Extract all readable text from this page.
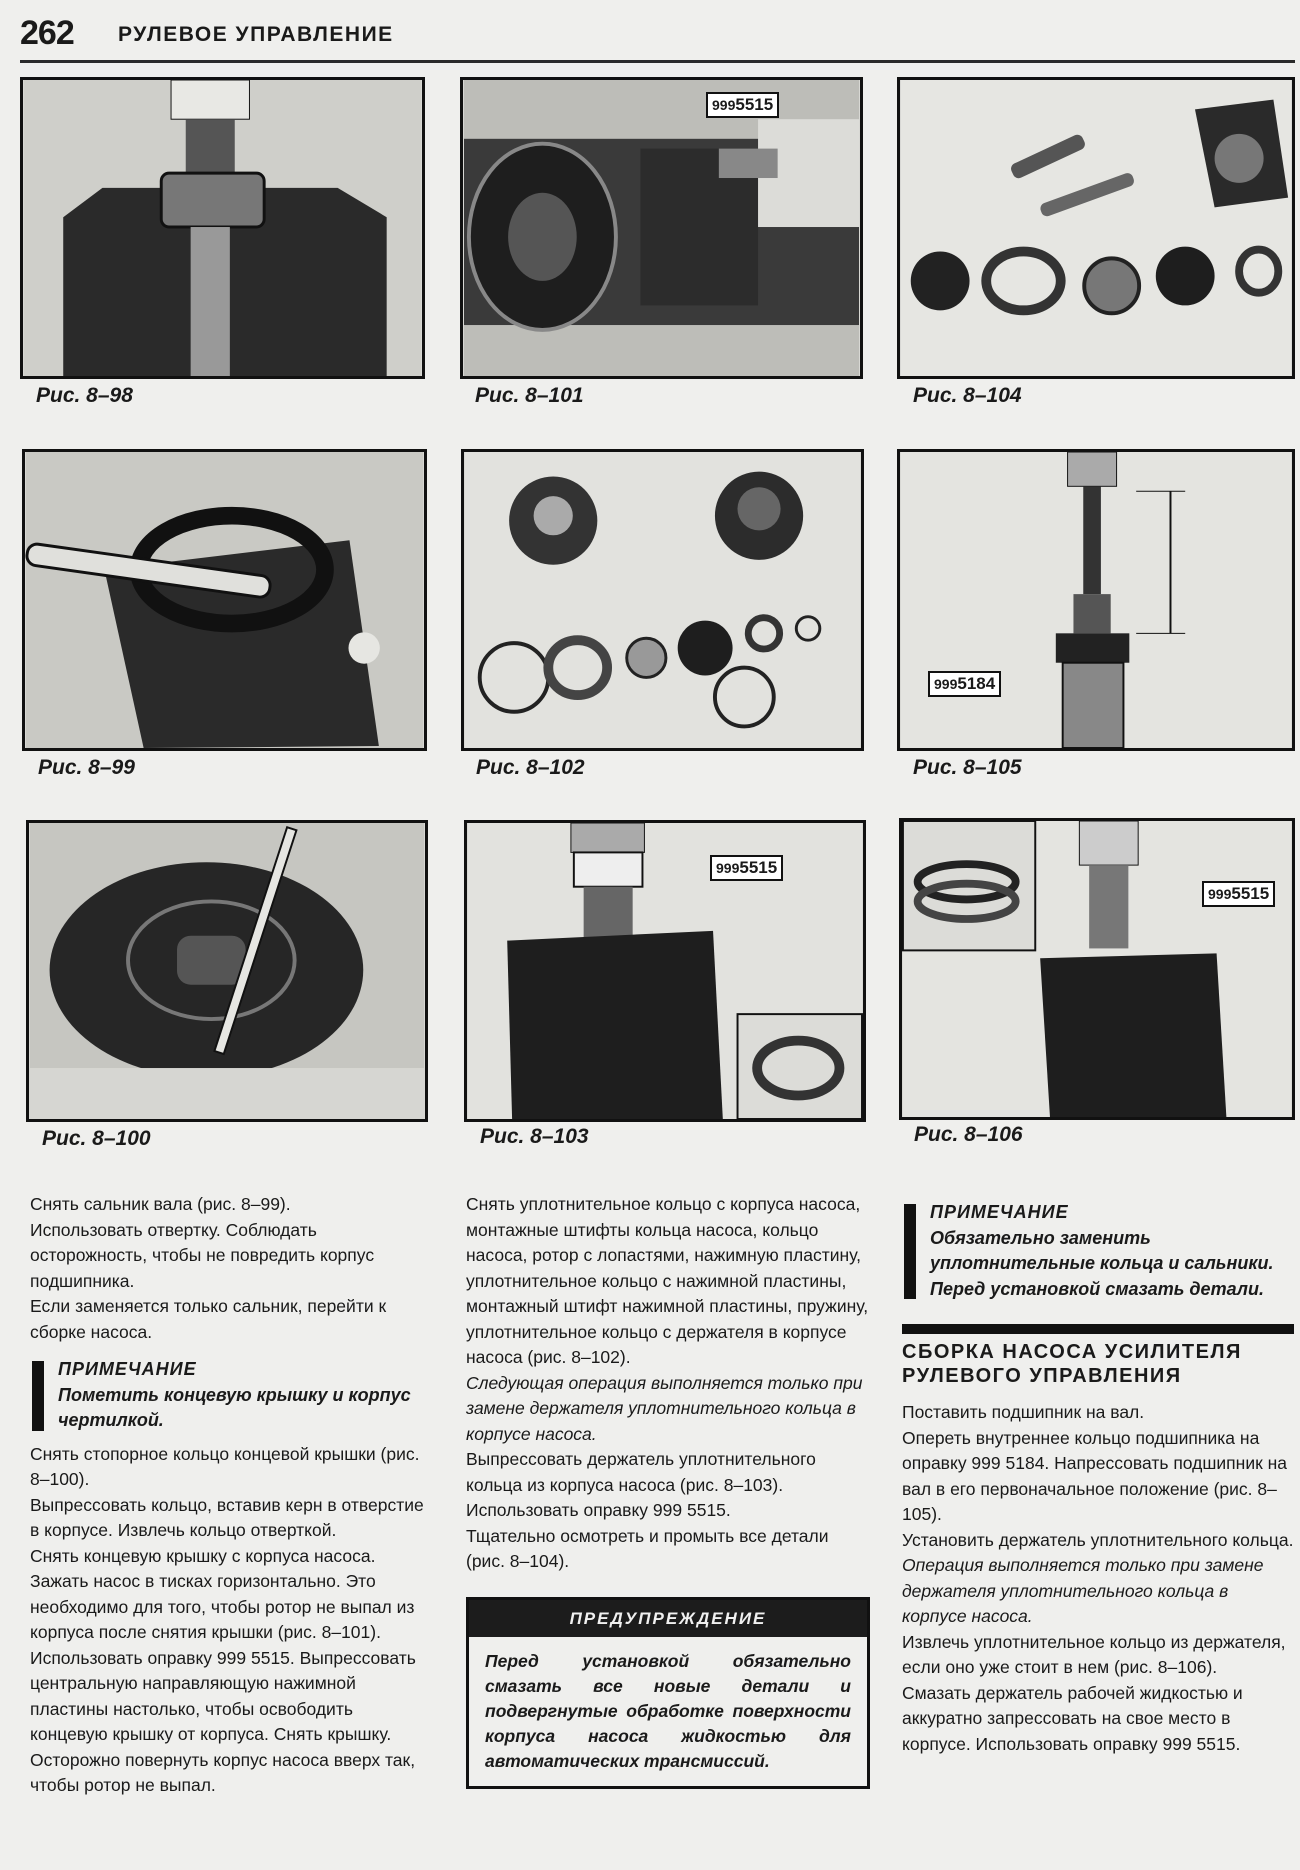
262 РУЛЕВОЕ УПРАВЛЕНИЕ
Рис. 8–98
9995515
Рис. 8–101	Рис. 8–104
Рис. 8–99	Рис. 8–102
9995184
Рис. 8–105
Рис. 8–100
9995515
Рис. 8–103
9995515
Рис. 8–106

Снять сальник вала (рис. 8–99).

Использовать отвертку. Соблюдать осторожность, чтобы не повредить корпус подшипника.

Если заменяется только сальник, перейти к сборке насоса.

ПРИМЕЧАНИЕ
Пометить концевую крышку и корпус чертилкой.

Снять стопорное кольцо концевой крышки (рис. 8–100).

Выпрессовать кольцо, вставив керн в отверстие в корпусе. Извлечь кольцо отверткой.

Снять концевую крышку с корпуса насоса.

Зажать насос в тисках горизонтально. Это необходимо для того, чтобы ротор не выпал из корпуса после снятия крышки (рис. 8–101).

Использовать оправку 999 5515. Выпрессовать центральную направляющую нажимной пластины настолько, чтобы освободить концевую крышку от корпуса. Снять крышку. Осторожно повернуть корпус насоса вверх так, чтобы ротор не выпал.

Снять уплотнительное кольцо с корпуса насоса, монтажные штифты кольца насоса, кольцо насоса, ротор с лопастями, нажимную пластину, уплотнительное кольцо с нажимной пластины, монтажный штифт нажимной пластины, пружину, уплотнительное кольцо с держателя в корпусе насоса (рис. 8–102).

Следующая операция выполняется только при замене держателя уплотнительного кольца в корпусе насоса.

Выпрессовать держатель уплотнительного кольца из корпуса насоса (рис. 8–103).

Использовать оправку 999 5515.

Тщательно осмотреть и промыть все детали (рис. 8–104).

ПРЕДУПРЕЖДЕНИЕ
Перед установкой обязательно смазать все новые детали и подвергнутые обработке поверхности корпуса насоса жидкостью для автоматических трансмиссий.
ПРИМЕЧАНИЕ
Обязательно заменить уплотнительные кольца и сальники. Перед установкой смазать детали.
СБОРКА НАСОСА УСИЛИТЕЛЯ РУЛЕВОГО УПРАВЛЕНИЯ

Поставить подшипник на вал.

Опереть внутреннее кольцо подшипника на оправку 999 5184. Напрессовать подшипник на вал в его первоначальное положение (рис. 8–105).

Установить держатель уплотнительного кольца. Операция выполняется только при замене держателя уплотнительного кольца в корпусе насоса.

Извлечь уплотнительное кольцо из держателя, если оно уже стоит в нем (рис. 8–106).

Смазать держатель рабочей жидкостью и аккуратно запрессовать на свое место в корпусе. Использовать оправку 999 5515.
